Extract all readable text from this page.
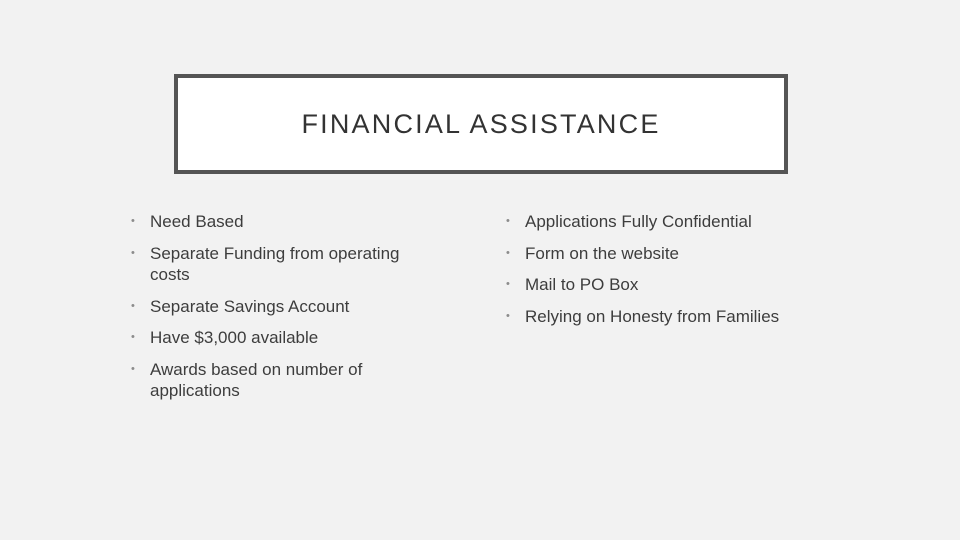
FINANCIAL ASSISTANCE
• Need Based
• Separate Funding from operating costs
• Separate Savings Account
• Have $3,000 available
• Awards based on number of applications
• Applications Fully Confidential
• Form on the website
• Mail to PO Box
• Relying on Honesty from Families
